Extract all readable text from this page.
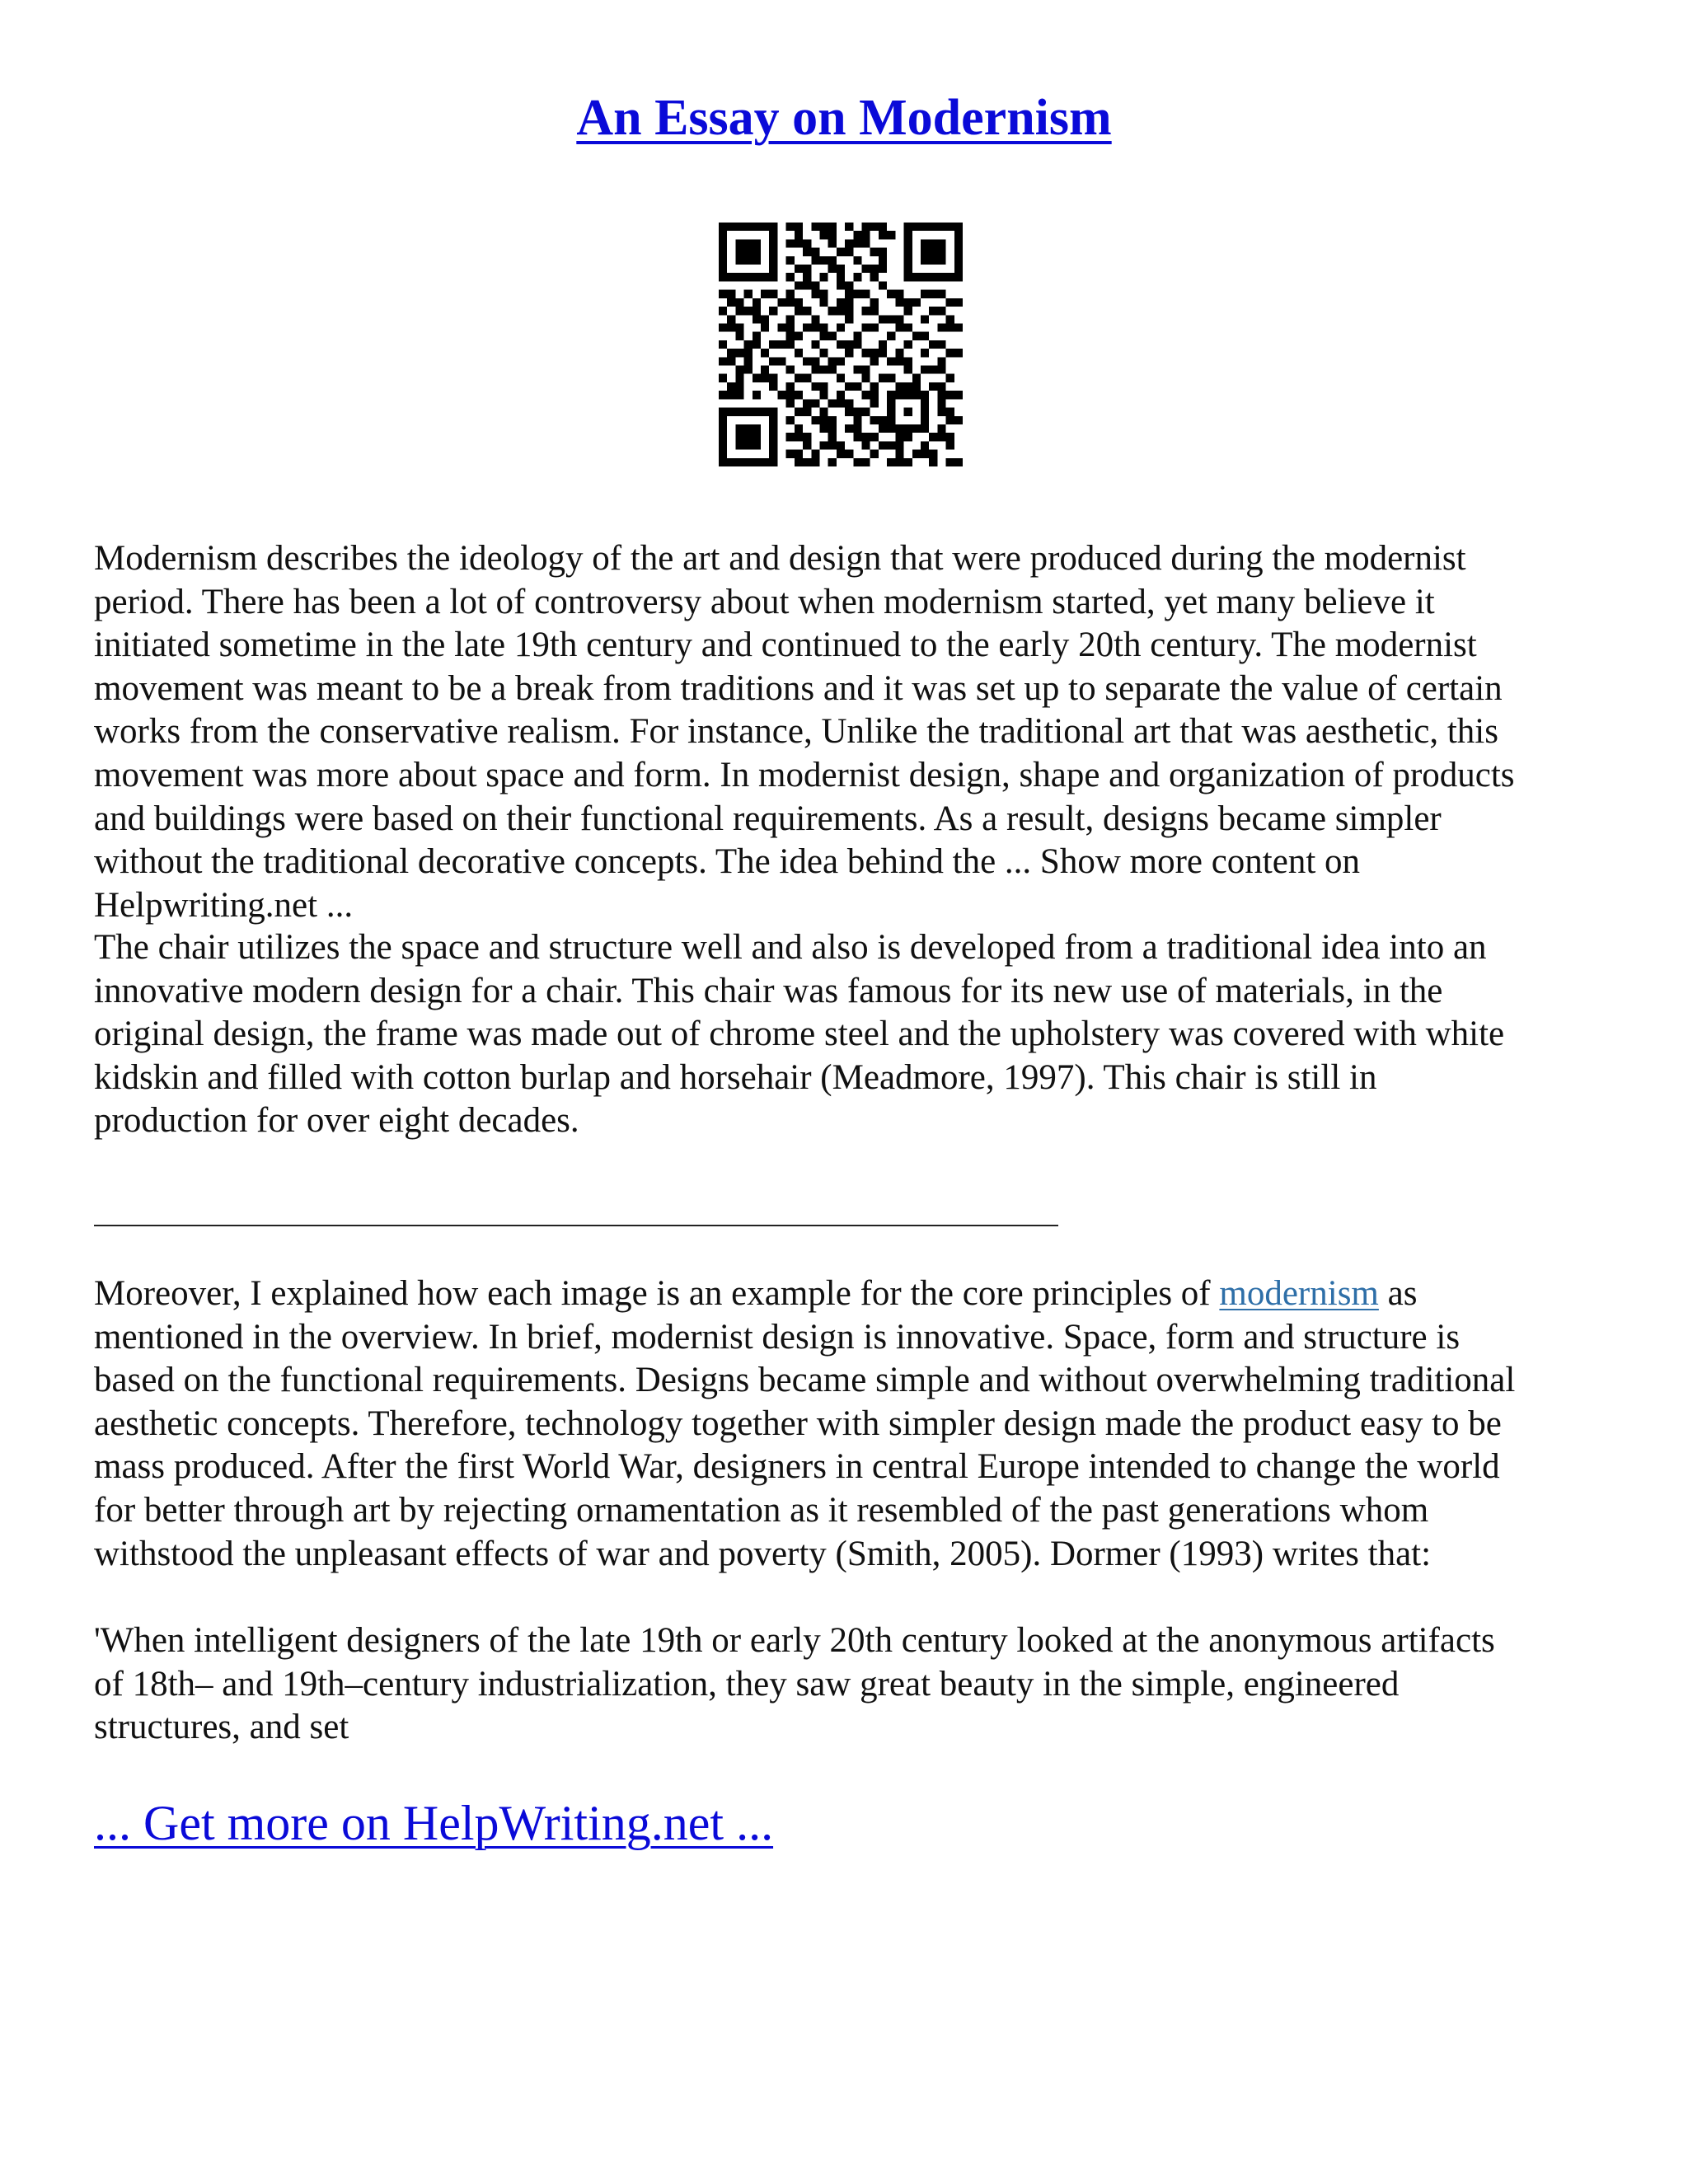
An Essay on Modernism
Modernism describes the ideology of the art and design that were produced during the modernist
period. There has been a lot of controversy about when modernism started, yet many believe it
initiated sometime in the late 19th century and continued to the early 20th century. The modernist
movement was meant to be a break from traditions and it was set up to separate the value of certain
works from the conservative realism. For instance, Unlike the traditional art that was aesthetic, this
movement was more about space and form. In modernist design, shape and organization of products
and buildings were based on their functional requirements. As a result, designs became simpler
without the traditional decorative concepts. The idea behind the ... Show more content on
Helpwriting.net ...
The chair utilizes the space and structure well and also is developed from a traditional idea into an
innovative modern design for a chair. This chair was famous for its new use of materials, in the
original design, the frame was made out of chrome steel and the upholstery was covered with white
kidskin and filled with cotton burlap and horsehair (Meadmore, 1997). This chair is still in
production for over eight decades.
Moreover, I explained how each image is an example for the core principles of modernism as
mentioned in the overview. In brief, modernist design is innovative. Space, form and structure is
based on the functional requirements. Designs became simple and without overwhelming traditional
aesthetic concepts. Therefore, technology together with simpler design made the product easy to be
mass produced. After the first World War, designers in central Europe intended to change the world
for better through art by rejecting ornamentation as it resembled of the past generations whom
withstood the unpleasant effects of war and poverty (Smith, 2005). Dormer (1993) writes that:
'When intelligent designers of the late 19th or early 20th century looked at the anonymous artifacts
of 18th– and 19th–century industrialization, they saw great beauty in the simple, engineered
structures, and set
... Get more on HelpWriting.net ...
